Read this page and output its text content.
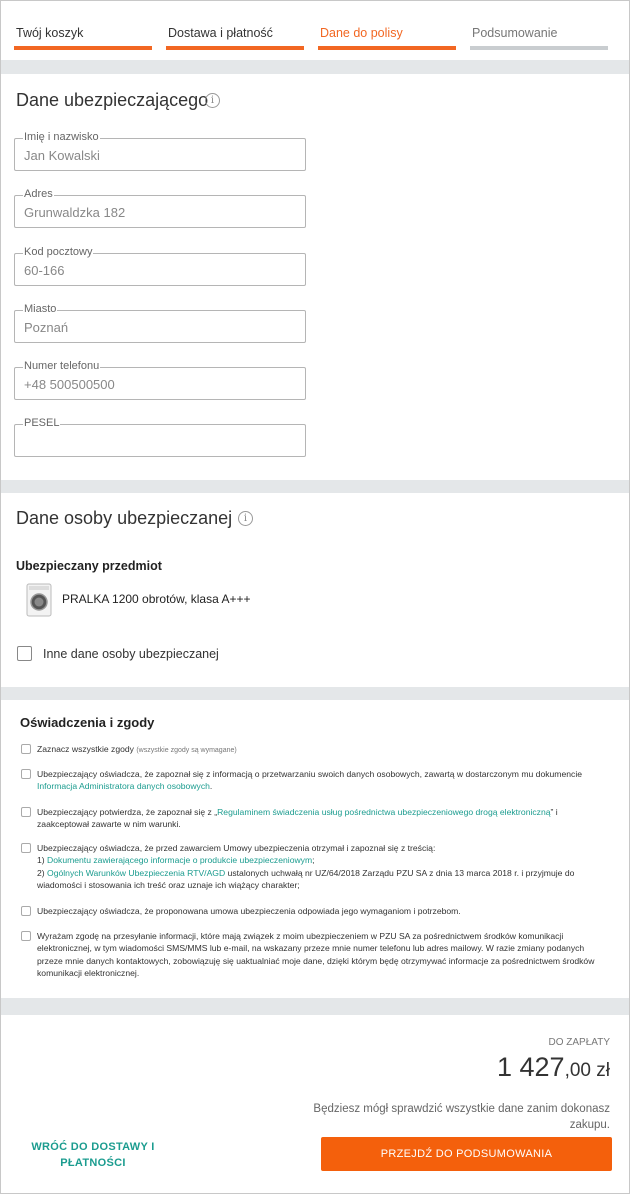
Twój koszyk	Dostawa i płatność	Dane do polisy	Podsumowanie
Dane ubezpieczającego i
Imię i nazwisko
Jan Kowalski
Adres
Grunwaldzka 182
Kod pocztowy
60-166
Miasto
Poznań
Numer telefonu
+48 500500500
PESEL
Dane osoby ubezpieczanej	i
Ubezpieczany przedmiot
PRALKA 1200 obrotów, klasa A+++
Inne dane osoby ubezpieczanej
Oświadczenia i zgody
Zaznacz wszystkie zgody (wszystkie zgody są wymagane)
Ubezpieczający oświadcza, że zapoznał się z informacją o przetwarzaniu swoich danych osobowych, zawartą w dostarczonym mu dokumencie Informacja Administratora danych osobowych.
Ubezpieczający potwierdza, że zapoznał się z „Regulaminem świadczenia usług pośrednictwa ubezpieczeniowego drogą elektroniczną” i zaakceptował zawarte w nim warunki.
Ubezpieczający oświadcza, że przed zawarciem Umowy ubezpieczenia otrzymał i zapoznał się z treścią:
1) Dokumentu zawierającego informacje o produkcie ubezpieczeniowym;
2) Ogólnych Warunków Ubezpieczenia RTV/AGD ustalonych uchwałą nr UZ/64/2018 Zarządu PZU SA z dnia 13 marca 2018 r. i przyjmuje do wiadomości i stosowania ich treść oraz uznaje ich wiążący charakter;
Ubezpieczający oświadcza, że proponowana umowa ubezpieczenia odpowiada jego wymaganiom i potrzebom.
Wyrażam zgodę na przesyłanie informacji, które mają związek z moim ubezpieczeniem w PZU SA za pośrednictwem środków komunikacji elektronicznej, w tym wiadomości SMS/MMS lub e-mail, na wskazany przeze mnie numer telefonu lub adres mailowy. W razie zmiany podanych przeze mnie danych kontaktowych, zobowiązuję się uaktualniać moje dane, dzięki którym będę otrzymywać informacje za pośrednictwem środków komunikacji elektronicznej.
DO ZAPŁATY
1 427,00 zł
Będziesz mógł sprawdzić wszystkie dane zanim dokonasz zakupu.
WRÓĆ DO DOSTAWY I PŁATNOŚCI
PRZEJDŹ DO PODSUMOWANIA
